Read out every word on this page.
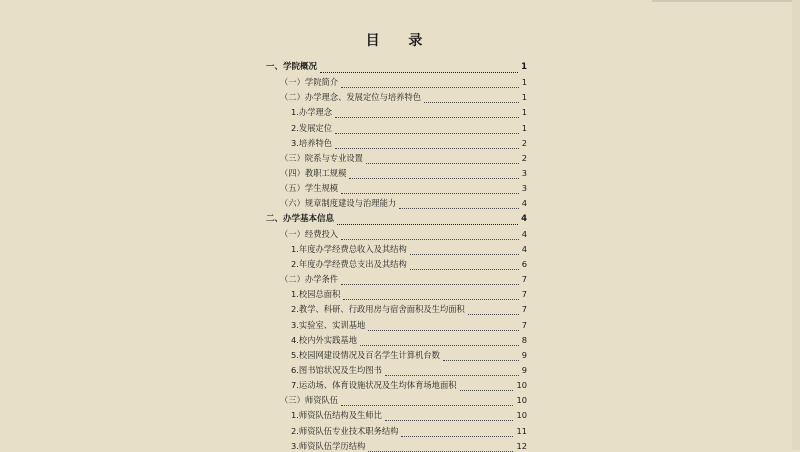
目 录
一、学院概况	1
（一）学院简介	1
（二）办学理念、发展定位与培养特色	1
1.办学理念	1
2.发展定位	1
3.培养特色	2
（三）院系与专业设置	2
（四）教职工规模	3
（五）学生规模	3
（六）规章制度建设与治理能力	4
二、办学基本信息	4
（一）经费投入	4
1.年度办学经费总收入及其结构	4
2.年度办学经费总支出及其结构	6
（二）办学条件	7
1.校园总面积	7
2.教学、科研、行政用房与宿舍面积及生均面积	7
3.实验室、实训基地	7
4.校内外实践基地	8
5.校园网建设情况及百名学生计算机台数	9
6.图书馆状况及生均图书	9
7.运动场、体育设施状况及生均体育场地面积	10
（三）师资队伍	10
1.师资队伍结构及生师比	10
2.师资队伍专业技术职务结构	11
3.师资队伍学历结构	12
